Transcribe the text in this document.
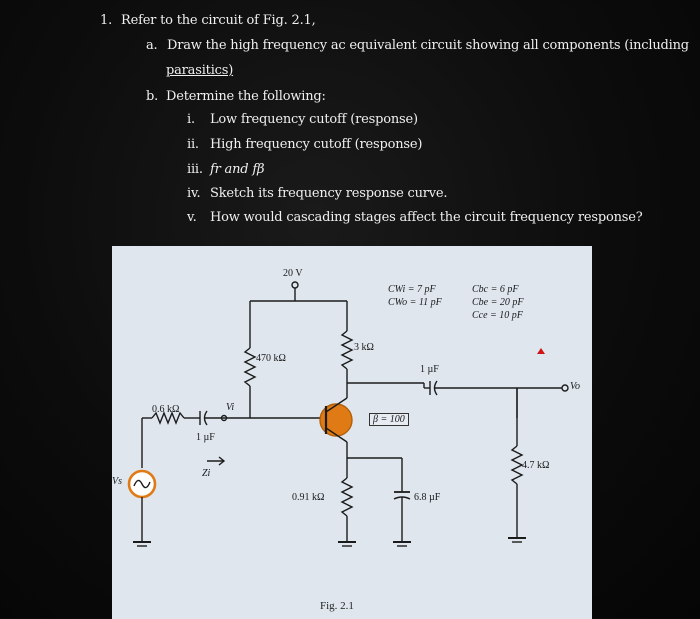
1. Refer to the circuit of Fig. 2.1,
a. Draw the high frequency ac equivalent circuit showing all components (including
parasitics)
b. Determine the following:
i. Low frequency cutoff (response)
ii. High frequency cutoff (response)
iii. fr and fβ
iv. Sketch its frequency response curve.
v. How would cascading stages affect the circuit frequency response?
20 V
470 kΩ
3 kΩ
0.6 kΩ
1 µF
1 µF
β = 100
0.91 kΩ	6.8 µF
4.7 kΩ
Vi
Vo
Vs
Zi
CWi = 7 pF
CWo = 11 pF
Cbc = 6 pF
Cbe = 20 pF
Cce = 10 pF
Fig. 2.1
